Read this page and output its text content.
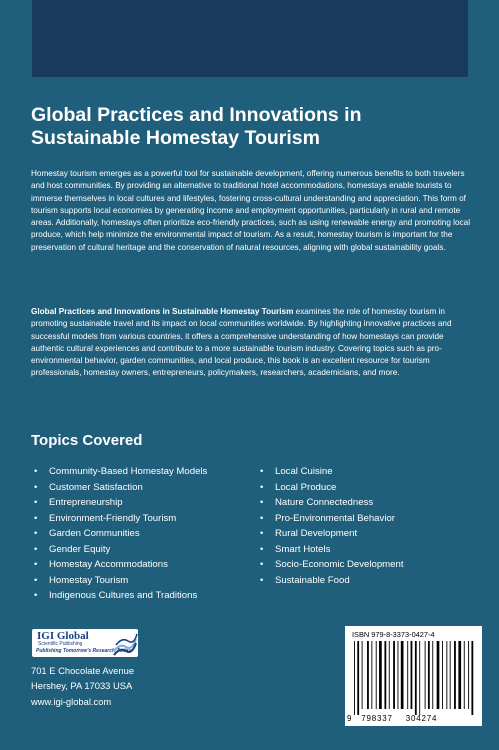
Global Practices and Innovations in Sustainable Homestay Tourism

Homestay tourism emerges as a powerful tool for sustainable development, offering numerous benefits to both travelers and host communities. By providing an alternative to traditional hotel accommodations, homestays enable tourists to immerse themselves in local cultures and lifestyles, fostering cross-cultural understanding and appreciation. This form of tourism supports local economies by generating income and employment opportunities, particularly in rural and remote areas. Additionally, homestays often prioritize eco-friendly practices, such as using renewable energy and promoting local produce, which help minimize the environmental impact of tourism. As a result, homestay tourism is important for the preservation of cultural heritage and the conservation of natural resources, aligning with global sustainability goals.

Global Practices and Innovations in Sustainable Homestay Tourism examines the role of homestay tourism in promoting sustainable travel and its impact on local communities worldwide. By highlighting innovative practices and successful models from various countries, it offers a comprehensive understanding of how homestays can provide authentic cultural experiences and contribute to a more sustainable tourism industry. Covering topics such as pro-environmental behavior, garden communities, and local produce, this book is an excellent resource for tourism professionals, homestay owners, entrepreneurs, policymakers, researchers, academicians, and more.

Topics Covered
•	Community-Based Homestay Models
•	Customer Satisfaction
•	Entrepreneurship
•	Environment-Friendly Tourism
•	Garden Communities
•	Gender Equity
•	Homestay Accommodations
•	Homestay Tourism
•	Indigenous Cultures and Traditions
•	Local Cuisine
•	Local Produce
•	Nature Connectedness
•	Pro-Environmental Behavior
•	Rural Development
•	Smart Hotels
•	Socio-Economic Development
•	Sustainable Food
IGI Global
Scientific Publishing
Publishing Tomorrow's Research Today

701 E Chocolate Avenue
Hershey, PA 17033 USA
www.igi-global.com

ISBN 979-8-3373-0427-4
9 798337 304274
